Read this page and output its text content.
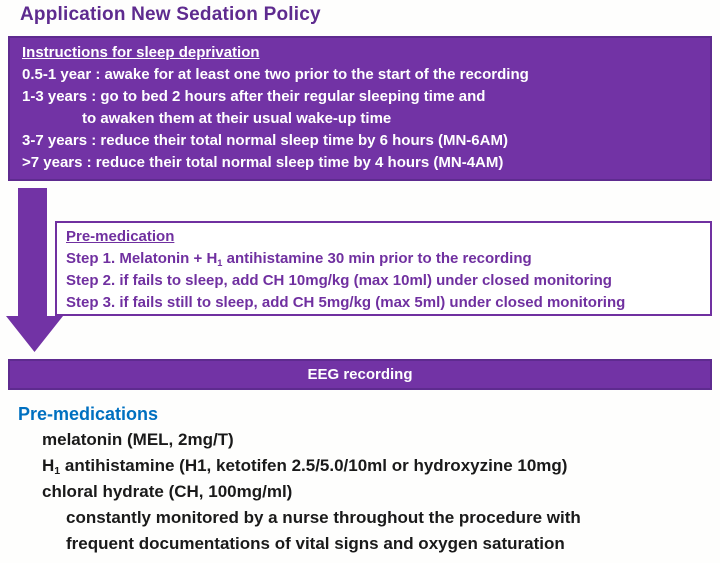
Application New Sedation Policy
Instructions for sleep deprivation
0.5-1 year : awake for at least one two prior to the start of the recording
1-3 years : go to bed 2 hours after their regular sleeping time and
to awaken them at their usual wake-up time
3-7 years : reduce their total normal sleep time by 6 hours (MN-6AM)
>7 years : reduce their total normal sleep time by 4 hours (MN-4AM)
Pre-medication
Step 1. Melatonin + $H_1$ antihistamine 30 min prior to the recording
Step 2. if fails to sleep, add CH 10mg/kg (max 10ml) under closed monitoring
Step 3. if fails still to sleep, add CH 5mg/kg (max 5ml) under closed monitoring
EEG recording
Pre-medications
melatonin (MEL, 2mg/T)
$H_1$ antihistamine (H1, ketotifen 2.5/5.0/10ml or hydroxyzine 10mg)
chloral hydrate (CH, 100mg/ml)
constantly monitored by a nurse throughout the procedure with
frequent documentations of vital signs and oxygen saturation
